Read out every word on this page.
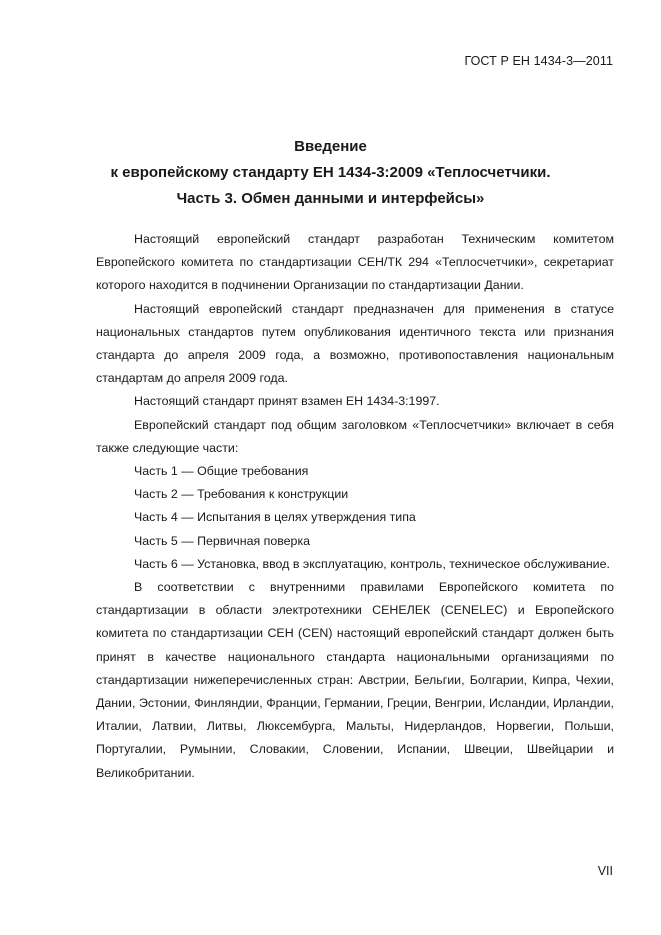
ГОСТ Р ЕН 1434-3—2011
Введение
к европейскому стандарту ЕН 1434-3:2009 «Теплосчетчики.
Часть 3. Обмен данными и интерфейсы»

Настоящий европейский стандарт разработан Техническим комитетом Европейского комитета по стандартизации СЕН/ТК 294 «Теплосчетчики», секретариат которого находится в подчинении Организации по стандартизации Дании.

Настоящий европейский стандарт предназначен для применения в статусе национальных стандартов путем опубликования идентичного текста или признания стандарта до апреля 2009 года, а возможно, противопоставления национальным стандартам до апреля 2009 года.

Настоящий стандарт принят взамен ЕН 1434-3:1997.

Европейский стандарт под общим заголовком «Теплосчетчики» включает в себя также следующие части:

Часть 1 — Общие требования

Часть 2 — Требования к конструкции

Часть 4 — Испытания в целях утверждения типа

Часть 5 — Первичная поверка

Часть 6 — Установка, ввод в эксплуатацию, контроль, техническое обслуживание.

В соответствии с внутренними правилами Европейского комитета по стандартизации в области электротехники СЕНЕЛЕК (CENELEC) и Европейского комитета по стандартизации СЕН (CEN) настоящий европейский стандарт должен быть принят в качестве национального стандарта национальными организациями по стандартизации нижеперечисленных стран: Австрии, Бельгии, Болгарии, Кипра, Чехии, Дании, Эстонии, Финляндии, Франции, Германии, Греции, Венгрии, Исландии, Ирландии, Италии, Латвии, Литвы, Люксембурга, Мальты, Нидерландов, Норвегии, Польши, Португалии, Румынии, Словакии, Словении, Испании, Швеции, Швейцарии и Великобритании.

VII
